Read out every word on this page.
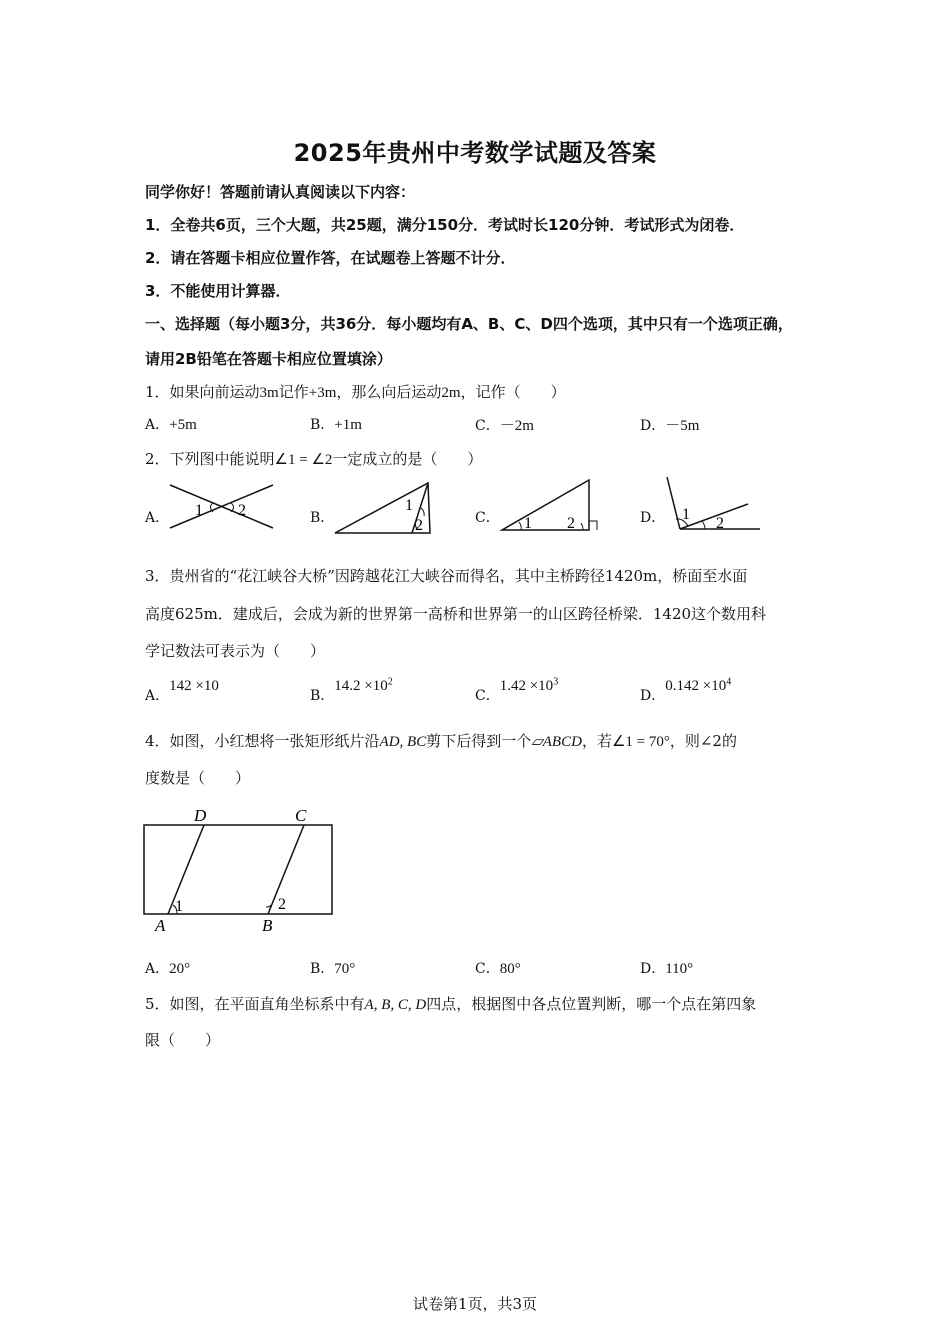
2025年贵州中考数学试题及答案
同学你好！答题前请认真阅读以下内容：
1．全卷共6页，三个大题，共25题，满分150分．考试时长120分钟．考试形式为闭卷．
2．请在答题卡相应位置作答，在试题卷上答题不计分．
3．不能使用计算器．
一、选择题（每小题3分，共36分．每小题均有A、B、C、D四个选项，其中只有一个选项正确，
请用2B铅笔在答题卡相应位置填涂）
1．如果向前运动3m记作+3m，那么向后运动2m，记作（　　）
A．+5m	B．+1m	C．－2m	D．－5m
2．下列图中能说明∠1 = ∠2一定成立的是（　　）
A． 1 2	B．
1
2	C． 1 2	D． 1
2
3．贵州省的“花江峡谷大桥”因跨越花江大峡谷而得名，其中主桥跨径1420m，桥面至水面
高度625m．建成后，会成为新的世界第一高桥和世界第一的山区跨径桥梁．1420这个数用科
学记数法可表示为（　　）
A．142 ×10
B．$14.2 \times 10^2$
C．$1.42 \times 10^3$
D．$0.142 \times 10^4$
4．如图，小红想将一张矩形纸片沿AD, BC剪下后得到一个▱ABCD，若∠1 = 70°，则∠2的
度数是（　　）
D	C
A	B
1	2
A．20°	B．70°	C．80°	D．110°
5．如图，在平面直角坐标系中有A, B, C, D四点，根据图中各点位置判断，哪一个点在第四象
限（　　）
试卷第1页，共3页
